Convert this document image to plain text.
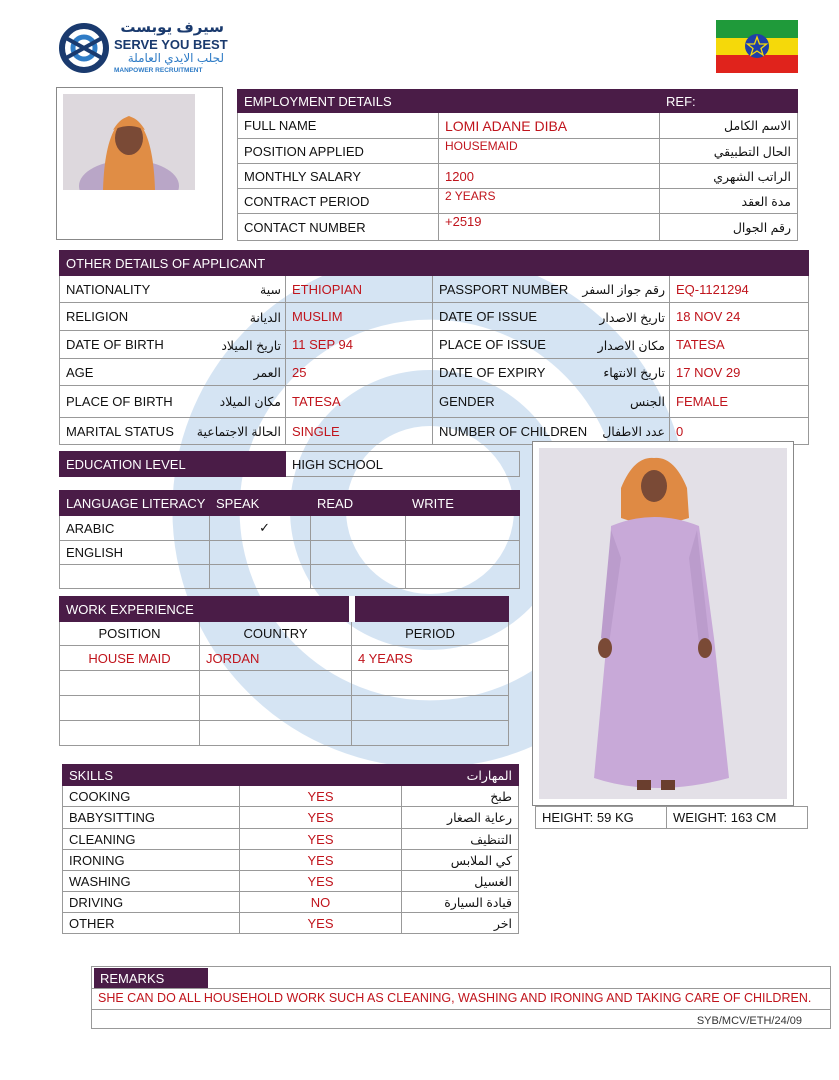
سيرف يوبست
SERVE YOU BEST
لجلب الايدي العاملة
MANPOWER RECRUITMENT
EMPLOYMENT DETAILS		REF:
FULL NAME	LOMI ADANE DIBA	الاسم الكامل
POSITION APPLIED	HOUSEMAID	الحال التطبيقي
MONTHLY SALARY	1200	الراتب الشهري
CONTRACT PERIOD	2 YEARS	مدة العقد
CONTACT NUMBER	+2519	رقم الجوال
OTHER DETAILS OF APPLICANT			
NATIONALITY سية	ETHIOPIAN	PASSPORT NUMBER رقم جواز السفر	EQ-1121294
RELIGION الديانة	MUSLIM	DATE OF ISSUE تاريخ الاصدار	18 NOV 24
DATE OF BIRTH تاريخ الميلاد	11 SEP 94	PLACE OF ISSUE مكان الاصدار	TATESA
AGE العمر	25	DATE OF EXPIRY تاريخ الانتهاء	17 NOV 29
PLACE OF BIRTH مكان الميلاد	TATESA	GENDER الجنس	FEMALE
MARITAL STATUS الحالة الاجتماعية	SINGLE	NUMBER OF CHILDREN عدد الاطفال	0
EDUCATION LEVEL	HIGH SCHOOL
LANGUAGE LITERACY	SPEAK	READ	WRITE
ARABIC	✓		
ENGLISH			

WORK EXPERIENCE		
POSITION	COUNTRY	PERIOD
HOUSE MAID	JORDAN	4 YEARS

SKILLS		المهارات
COOKING	YES	طبخ
BABYSITTING	YES	رعاية الصغار
CLEANING	YES	التنظيف
IRONING	YES	كي الملابس
WASHING	YES	الغسيل
DRIVING	NO	قيادة السيارة
OTHER	YES	اخر
HEIGHT: 59 KG	WEIGHT: 163 CM
REMARKS
SHE CAN DO ALL HOUSEHOLD WORK SUCH AS CLEANING, WASHING AND IRONING AND TAKING CARE OF CHILDREN.
SYB/MCV/ETH/24/09
